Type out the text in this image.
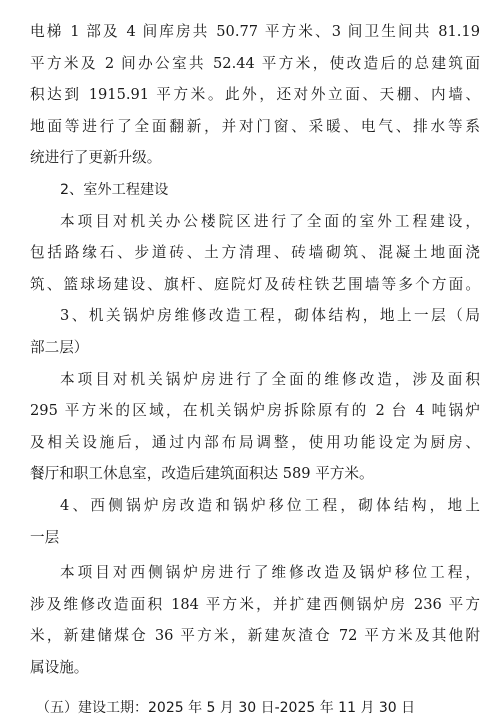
电梯 1 部及 4 间库房共 50.77 平方米、3 间卫生间共 81.19
平方米及 2 间办公室共 52.44 平方米，使改造后的总建筑面
积达到 1915.91 平方米。此外，还对外立面、天棚、内墙、
地面等进行了全面翻新，并对门窗、采暖、电气、排水等系
统进行了更新升级。
2、室外工程建设
本项目对机关办公楼院区进行了全面的室外工程建设，
包括路缘石、步道砖、土方清理、砖墙砌筑、混凝土地面浇
筑、篮球场建设、旗杆、庭院灯及砖柱铁艺围墙等多个方面。
3、机关锅炉房维修改造工程，砌体结构，地上一层（局
部二层）
本项目对机关锅炉房进行了全面的维修改造，涉及面积
295 平方米的区域，在机关锅炉房拆除原有的 2 台 4 吨锅炉
及相关设施后，通过内部布局调整，使用功能设定为厨房、
餐厅和职工休息室，改造后建筑面积达 589 平方米。
4、西侧锅炉房改造和锅炉移位工程，砌体结构，地上
一层
本项目对西侧锅炉房进行了维修改造及锅炉移位工程，
涉及维修改造面积 184 平方米，并扩建西侧锅炉房 236 平方
米，新建储煤仓 36 平方米，新建灰渣仓 72 平方米及其他附
属设施。
（五）建设工期：2025 年 5 月 30 日-2025 年 11 月 30 日
